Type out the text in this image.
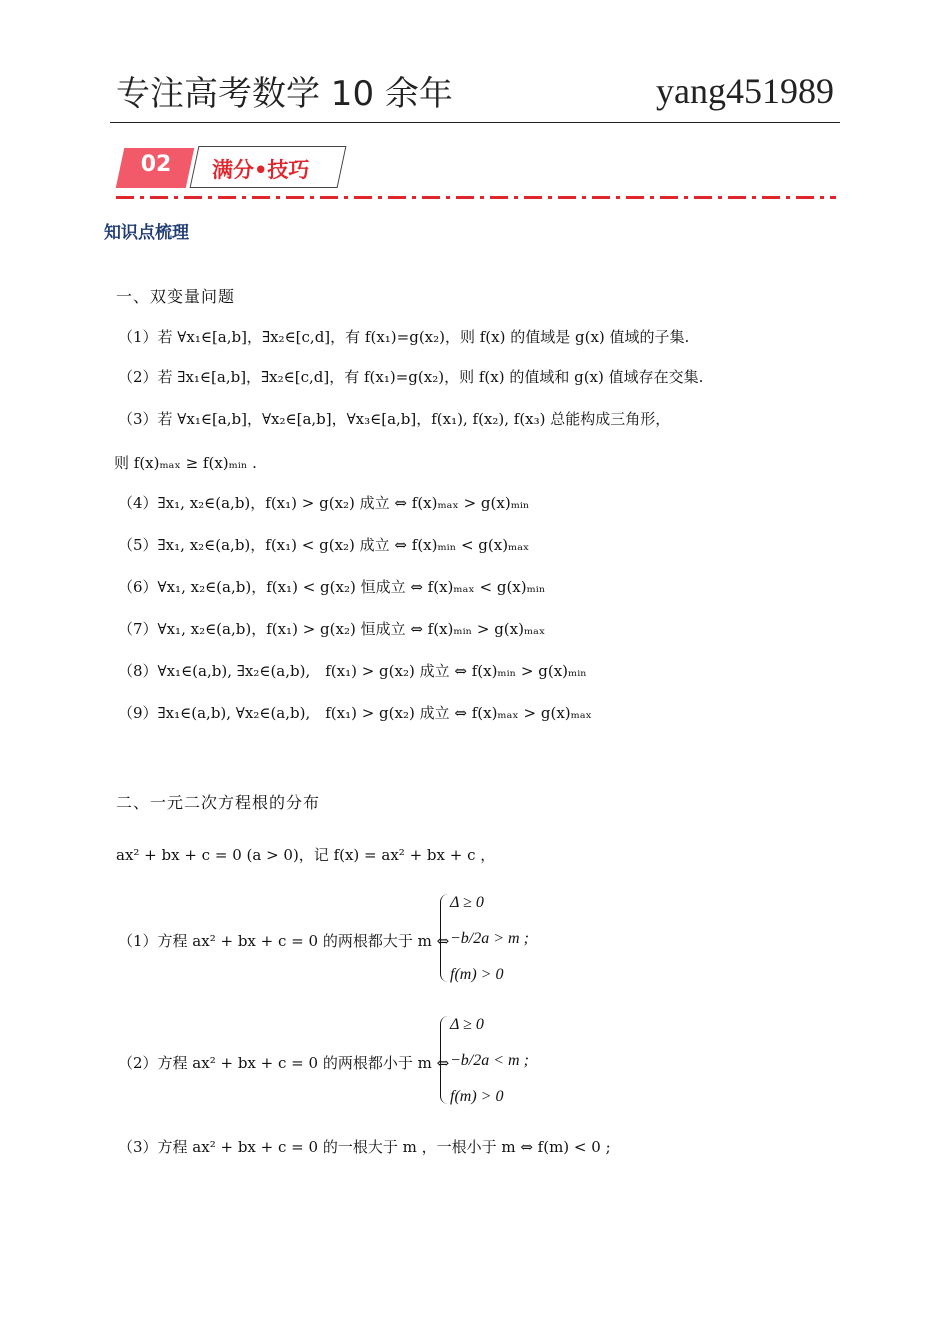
专注高考数学 10 余年	yang451989
02	满分•技巧
知识点梳理
一、双变量问题
（1）若 ∀x₁∈[a,b]，∃x₂∈[c,d]，有 f(x₁)=g(x₂)，则 f(x) 的值域是 g(x) 值域的子集.
（2）若 ∃x₁∈[a,b]，∃x₂∈[c,d]，有 f(x₁)=g(x₂)，则 f(x) 的值域和 g(x) 值域存在交集.
（3）若 ∀x₁∈[a,b]，∀x₂∈[a,b]，∀x₃∈[a,b]，f(x₁), f(x₂), f(x₃) 总能构成三角形，
则 f(x)ₘₐₓ ≥ f(x)ₘᵢₙ .
（4）∃x₁, x₂∈(a,b)，f(x₁) > g(x₂) 成立 ⇔ f(x)ₘₐₓ > g(x)ₘᵢₙ
（5）∃x₁, x₂∈(a,b)，f(x₁) < g(x₂) 成立 ⇔ f(x)ₘᵢₙ < g(x)ₘₐₓ
（6）∀x₁, x₂∈(a,b)，f(x₁) < g(x₂) 恒成立 ⇔ f(x)ₘₐₓ < g(x)ₘᵢₙ
（7）∀x₁, x₂∈(a,b)，f(x₁) > g(x₂) 恒成立 ⇔ f(x)ₘᵢₙ > g(x)ₘₐₓ
（8）∀x₁∈(a,b), ∃x₂∈(a,b),　f(x₁) > g(x₂) 成立 ⇔ f(x)ₘᵢₙ > g(x)ₘᵢₙ
（9）∃x₁∈(a,b), ∀x₂∈(a,b),　f(x₁) > g(x₂) 成立 ⇔ f(x)ₘₐₓ > g(x)ₘₐₓ
二、一元二次方程根的分布
ax² + bx + c = 0 (a > 0)，记 f(x) = ax² + bx + c ，
（1）方程 ax² + bx + c = 0 的两根都大于 m ⇔
Δ ≥ 0
−b/2a > m ;
f(m) > 0
（2）方程 ax² + bx + c = 0 的两根都小于 m ⇔
Δ ≥ 0
−b/2a < m ;
f(m) > 0
（3）方程 ax² + bx + c = 0 的一根大于 m ，一根小于 m ⇔ f(m) < 0 ;
